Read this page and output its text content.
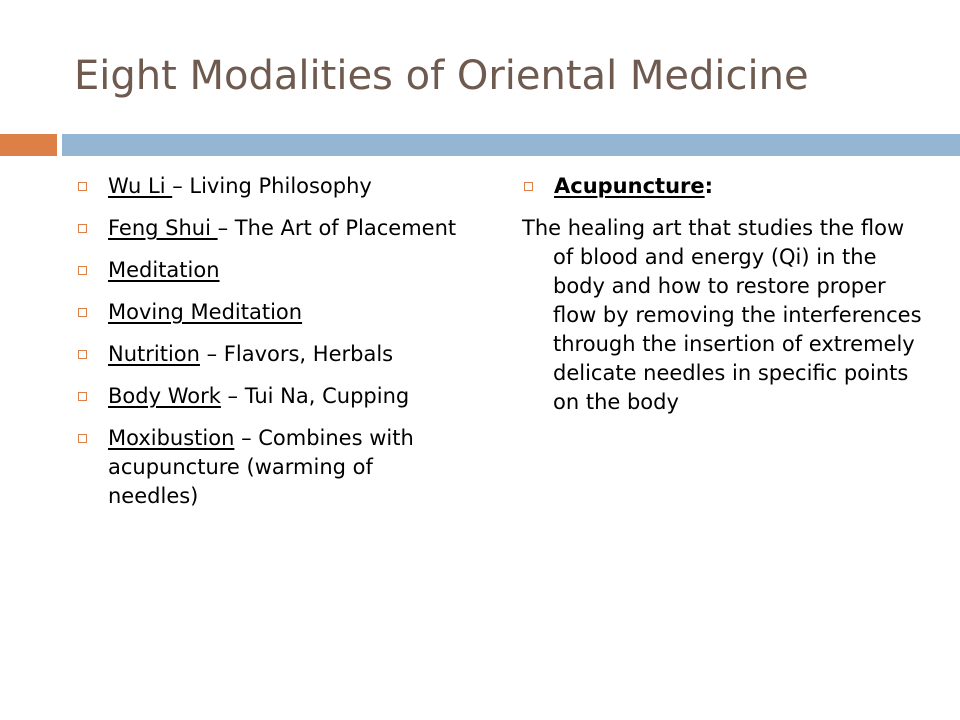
Eight Modalities of Oriental Medicine
Wu Li – Living Philosophy
Feng Shui – The Art of Placement
Meditation
Moving Meditation
Nutrition – Flavors, Herbals
Body Work – Tui Na, Cupping
Moxibustion – Combines with acupuncture (warming of needles)
Acupuncture:
The healing art that studies the flow of blood and energy (Qi) in the body and how to restore proper flow by removing the interferences through the insertion of extremely delicate needles in specific points on the body
